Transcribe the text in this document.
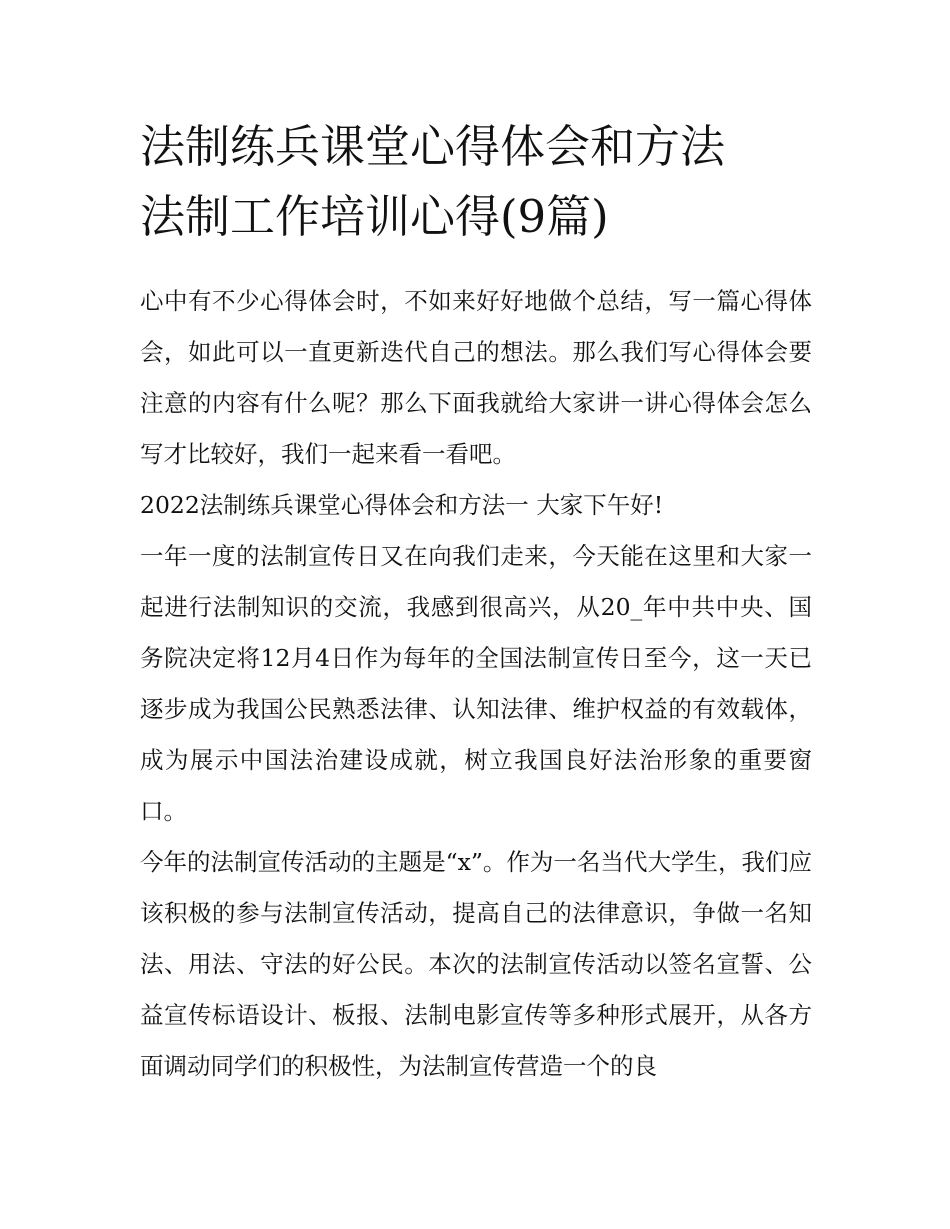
法制练兵课堂心得体会和方法
法制工作培训心得(9篇)

心中有不少心得体会时，不如来好好地做个总结，写一篇心得体会，如此可以一直更新迭代自己的想法。那么我们写心得体会要注意的内容有什么呢？那么下面我就给大家讲一讲心得体会怎么写才比较好，我们一起来看一看吧。

2022法制练兵课堂心得体会和方法一 大家下午好!

一年一度的法制宣传日又在向我们走来，今天能在这里和大家一起进行法制知识的交流，我感到很高兴，从20_年中共中央、国务院决定将12月4日作为每年的全国法制宣传日至今，这一天已逐步成为我国公民熟悉法律、认知法律、维护权益的有效载体，成为展示中国法治建设成就，树立我国良好法治形象的重要窗口。

今年的法制宣传活动的主题是“x”。作为一名当代大学生，我们应该积极的参与法制宣传活动，提高自己的法律意识，争做一名知法、用法、守法的好公民。本次的法制宣传活动以签名宣誓、公益宣传标语设计、板报、法制电影宣传等多种形式展开，从各方面调动同学们的积极性，为法制宣传营造一个的良
